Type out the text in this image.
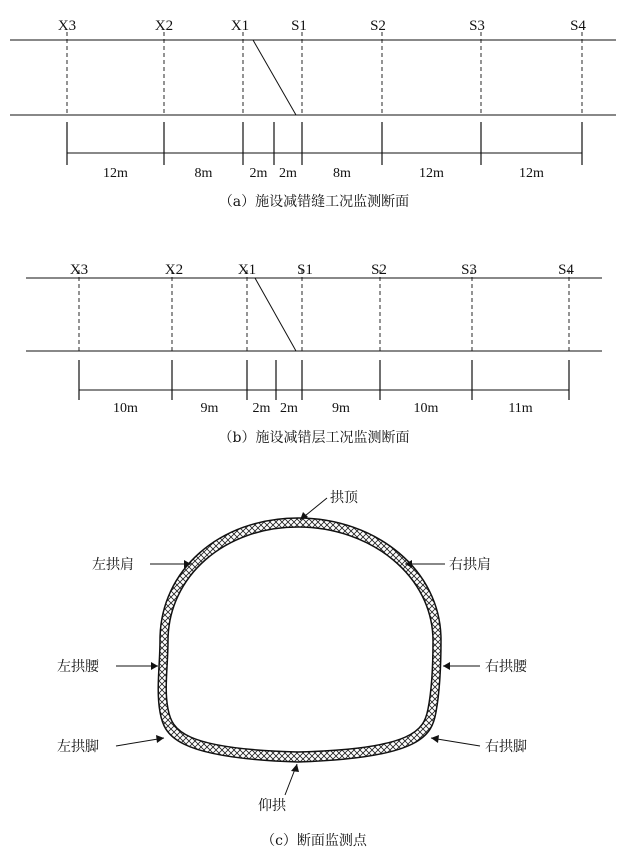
X3	X2	X1	S1	S2	S3	S4
12m	8m	2m 2m	8m	12m	12m
（a）施设减错缝工况监测断面
X3	X2	X1	S1	S2	S3	S4
10m	9m 2m 2m 9m	10m	11m
（b）施设减错层工况监测断面
拱顶
左拱肩	右拱肩
左拱腰	右拱腰
左拱脚	右拱脚
仰拱
（c）断面监测点
